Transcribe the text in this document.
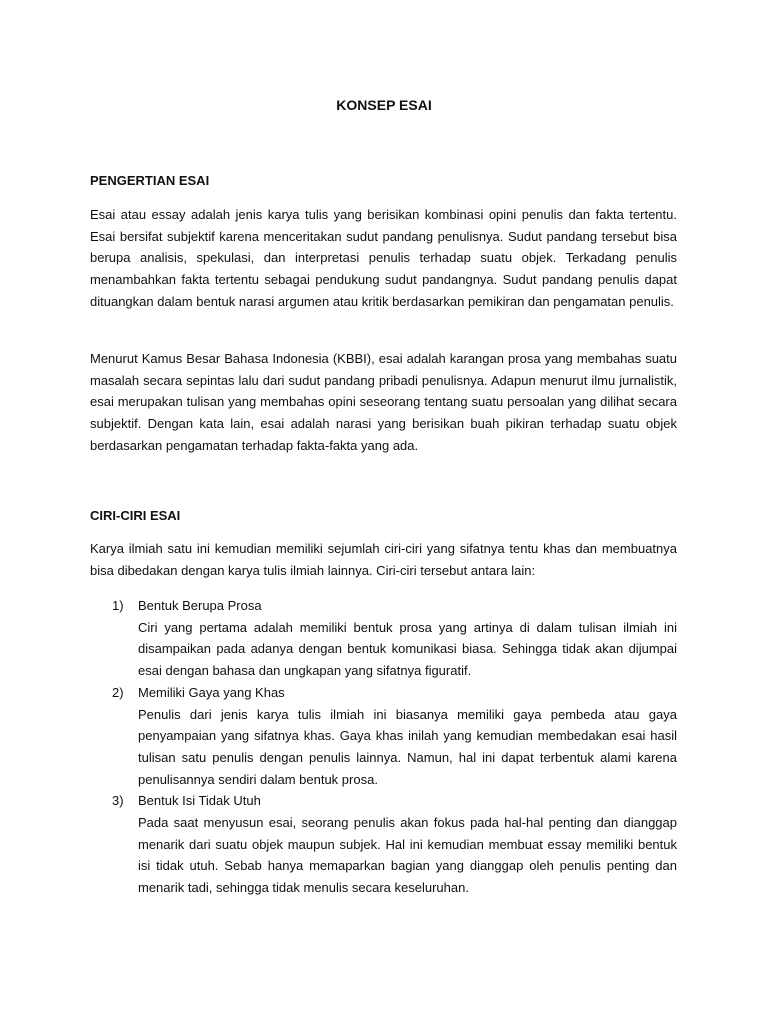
KONSEP ESAI
PENGERTIAN ESAI

Esai atau essay adalah jenis karya tulis yang berisikan kombinasi opini penulis dan fakta tertentu. Esai bersifat subjektif karena menceritakan sudut pandang penulisnya. Sudut pandang tersebut bisa berupa analisis, spekulasi, dan interpretasi penulis terhadap suatu objek. Terkadang penulis menambahkan fakta tertentu sebagai pendukung sudut pandangnya. Sudut pandang penulis dapat dituangkan dalam bentuk narasi argumen atau kritik berdasarkan pemikiran dan pengamatan penulis.

Menurut Kamus Besar Bahasa Indonesia (KBBI), esai adalah karangan prosa yang membahas suatu masalah secara sepintas lalu dari sudut pandang pribadi penulisnya. Adapun menurut ilmu jurnalistik, esai merupakan tulisan yang membahas opini seseorang tentang suatu persoalan yang dilihat secara subjektif. Dengan kata lain, esai adalah narasi yang berisikan buah pikiran terhadap suatu objek berdasarkan pengamatan terhadap fakta-fakta yang ada.

CIRI-CIRI ESAI

Karya ilmiah satu ini kemudian memiliki sejumlah ciri-ciri yang sifatnya tentu khas dan membuatnya bisa dibedakan dengan karya tulis ilmiah lainnya. Ciri-ciri tersebut antara lain:

1) Bentuk Berupa Prosa
Ciri yang pertama adalah memiliki bentuk prosa yang artinya di dalam tulisan ilmiah ini disampaikan pada adanya dengan bentuk komunikasi biasa. Sehingga tidak akan dijumpai esai dengan bahasa dan ungkapan yang sifatnya figuratif.
2) Memiliki Gaya yang Khas
Penulis dari jenis karya tulis ilmiah ini biasanya memiliki gaya pembeda atau gaya penyampaian yang sifatnya khas. Gaya khas inilah yang kemudian membedakan esai hasil tulisan satu penulis dengan penulis lainnya. Namun, hal ini dapat terbentuk alami karena penulisannya sendiri dalam bentuk prosa.
3) Bentuk Isi Tidak Utuh
Pada saat menyusun esai, seorang penulis akan fokus pada hal-hal penting dan dianggap menarik dari suatu objek maupun subjek. Hal ini kemudian membuat essay memiliki bentuk isi tidak utuh. Sebab hanya memaparkan bagian yang dianggap oleh penulis penting dan menarik tadi, sehingga tidak menulis secara keseluruhan.
